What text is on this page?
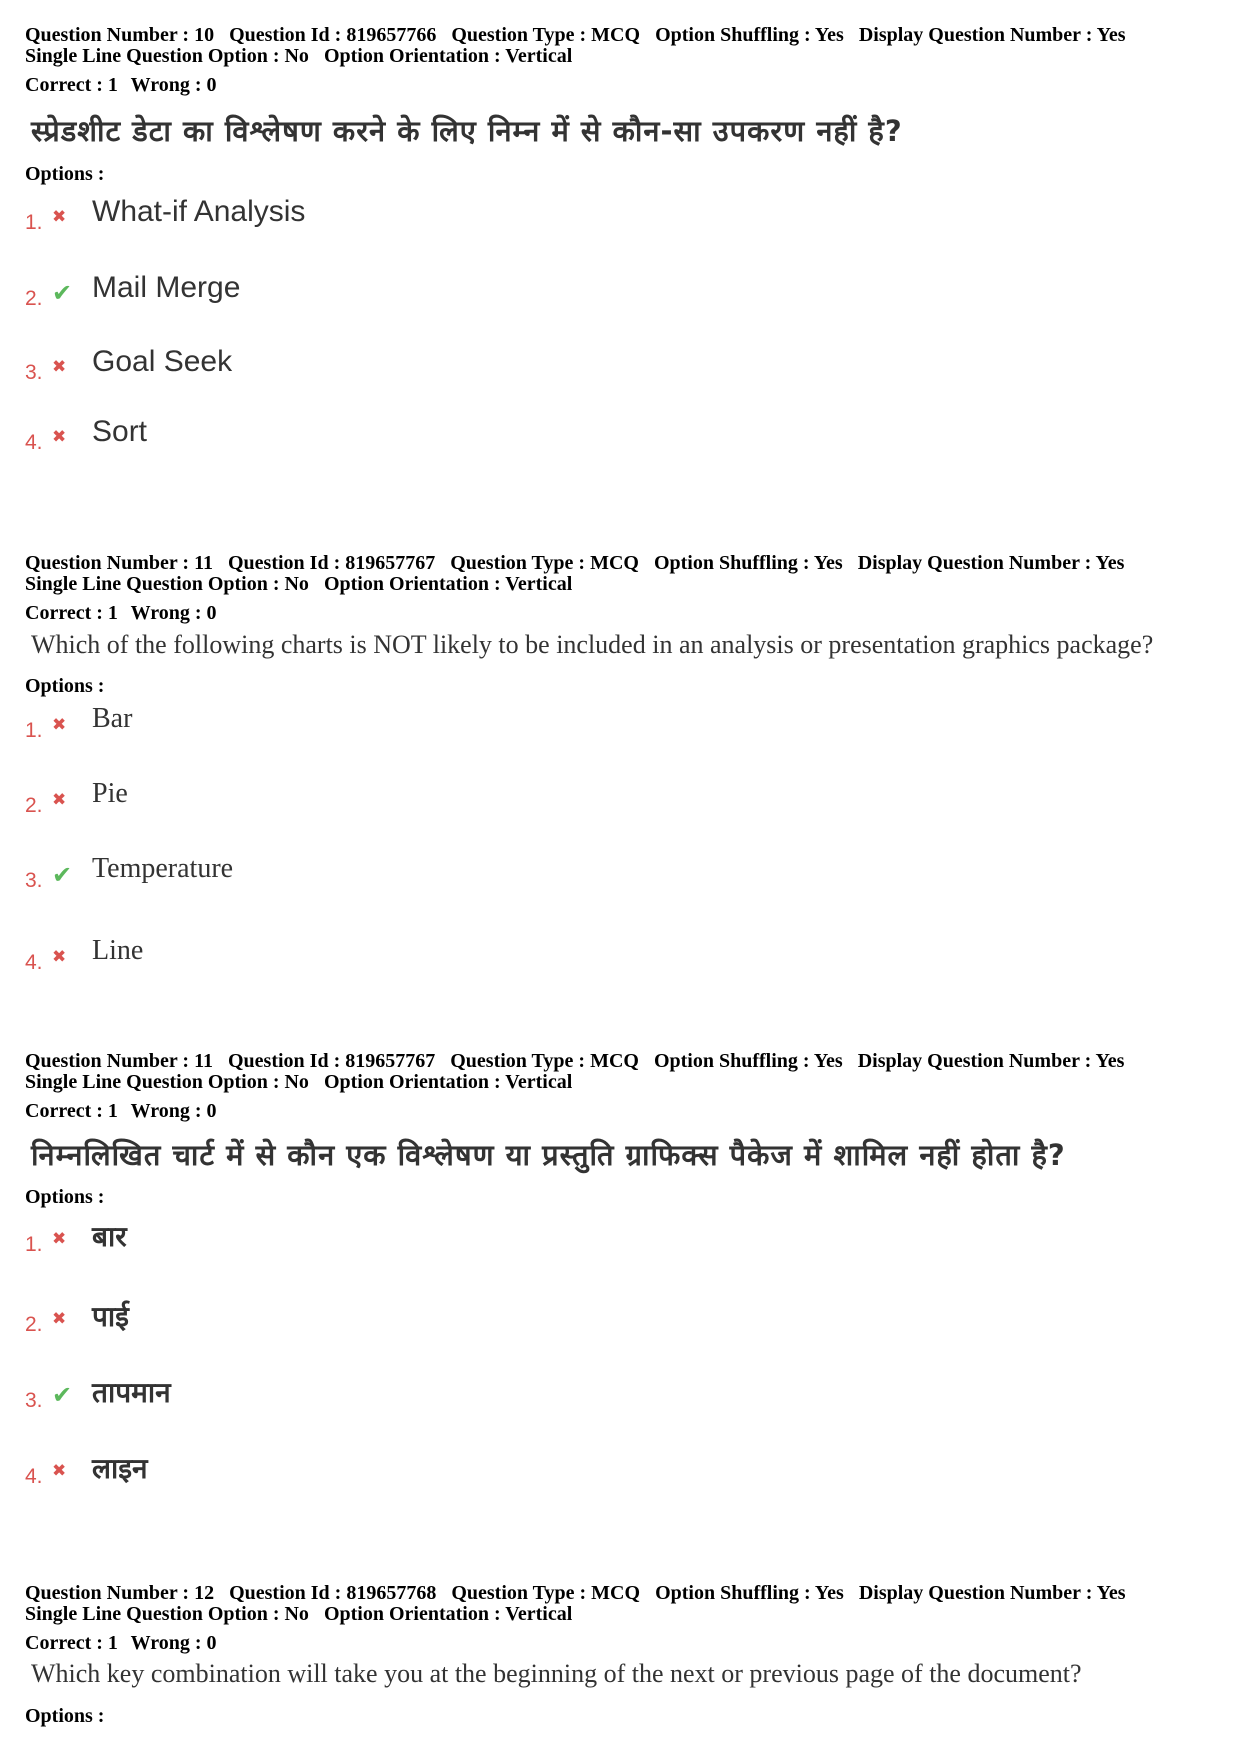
Question Number : 10 Question Id : 819657766 Question Type : MCQ Option Shuffling : Yes Display Question Number : Yes
Single Line Question Option : No Option Orientation : Vertical
Correct : 1 Wrong : 0
स्प्रेडशीट डेटा का विश्लेषण करने के लिए निम्न में से कौन-सा उपकरण नहीं है?
Options :
1. ✖ What-if Analysis
2. ✔ Mail Merge
3. ✖ Goal Seek
4. ✖ Sort
Question Number : 11 Question Id : 819657767 Question Type : MCQ Option Shuffling : Yes Display Question Number : Yes
Single Line Question Option : No Option Orientation : Vertical
Correct : 1 Wrong : 0
Which of the following charts is NOT likely to be included in an analysis or presentation graphics package?
Options :
1. ✖ Bar
2. ✖ Pie
3. ✔ Temperature
4. ✖ Line
Question Number : 11 Question Id : 819657767 Question Type : MCQ Option Shuffling : Yes Display Question Number : Yes
Single Line Question Option : No Option Orientation : Vertical
Correct : 1 Wrong : 0
निम्नलिखित चार्ट में से कौन एक विश्लेषण या प्रस्तुति ग्राफिक्स पैकेज में शामिल नहीं होता है?
Options :
1. ✖ बार
2. ✖ पाई
3. ✔ तापमान
4. ✖ लाइन
Question Number : 12 Question Id : 819657768 Question Type : MCQ Option Shuffling : Yes Display Question Number : Yes
Single Line Question Option : No Option Orientation : Vertical
Correct : 1 Wrong : 0
Which key combination will take you at the beginning of the next or previous page of the document?
Options :
